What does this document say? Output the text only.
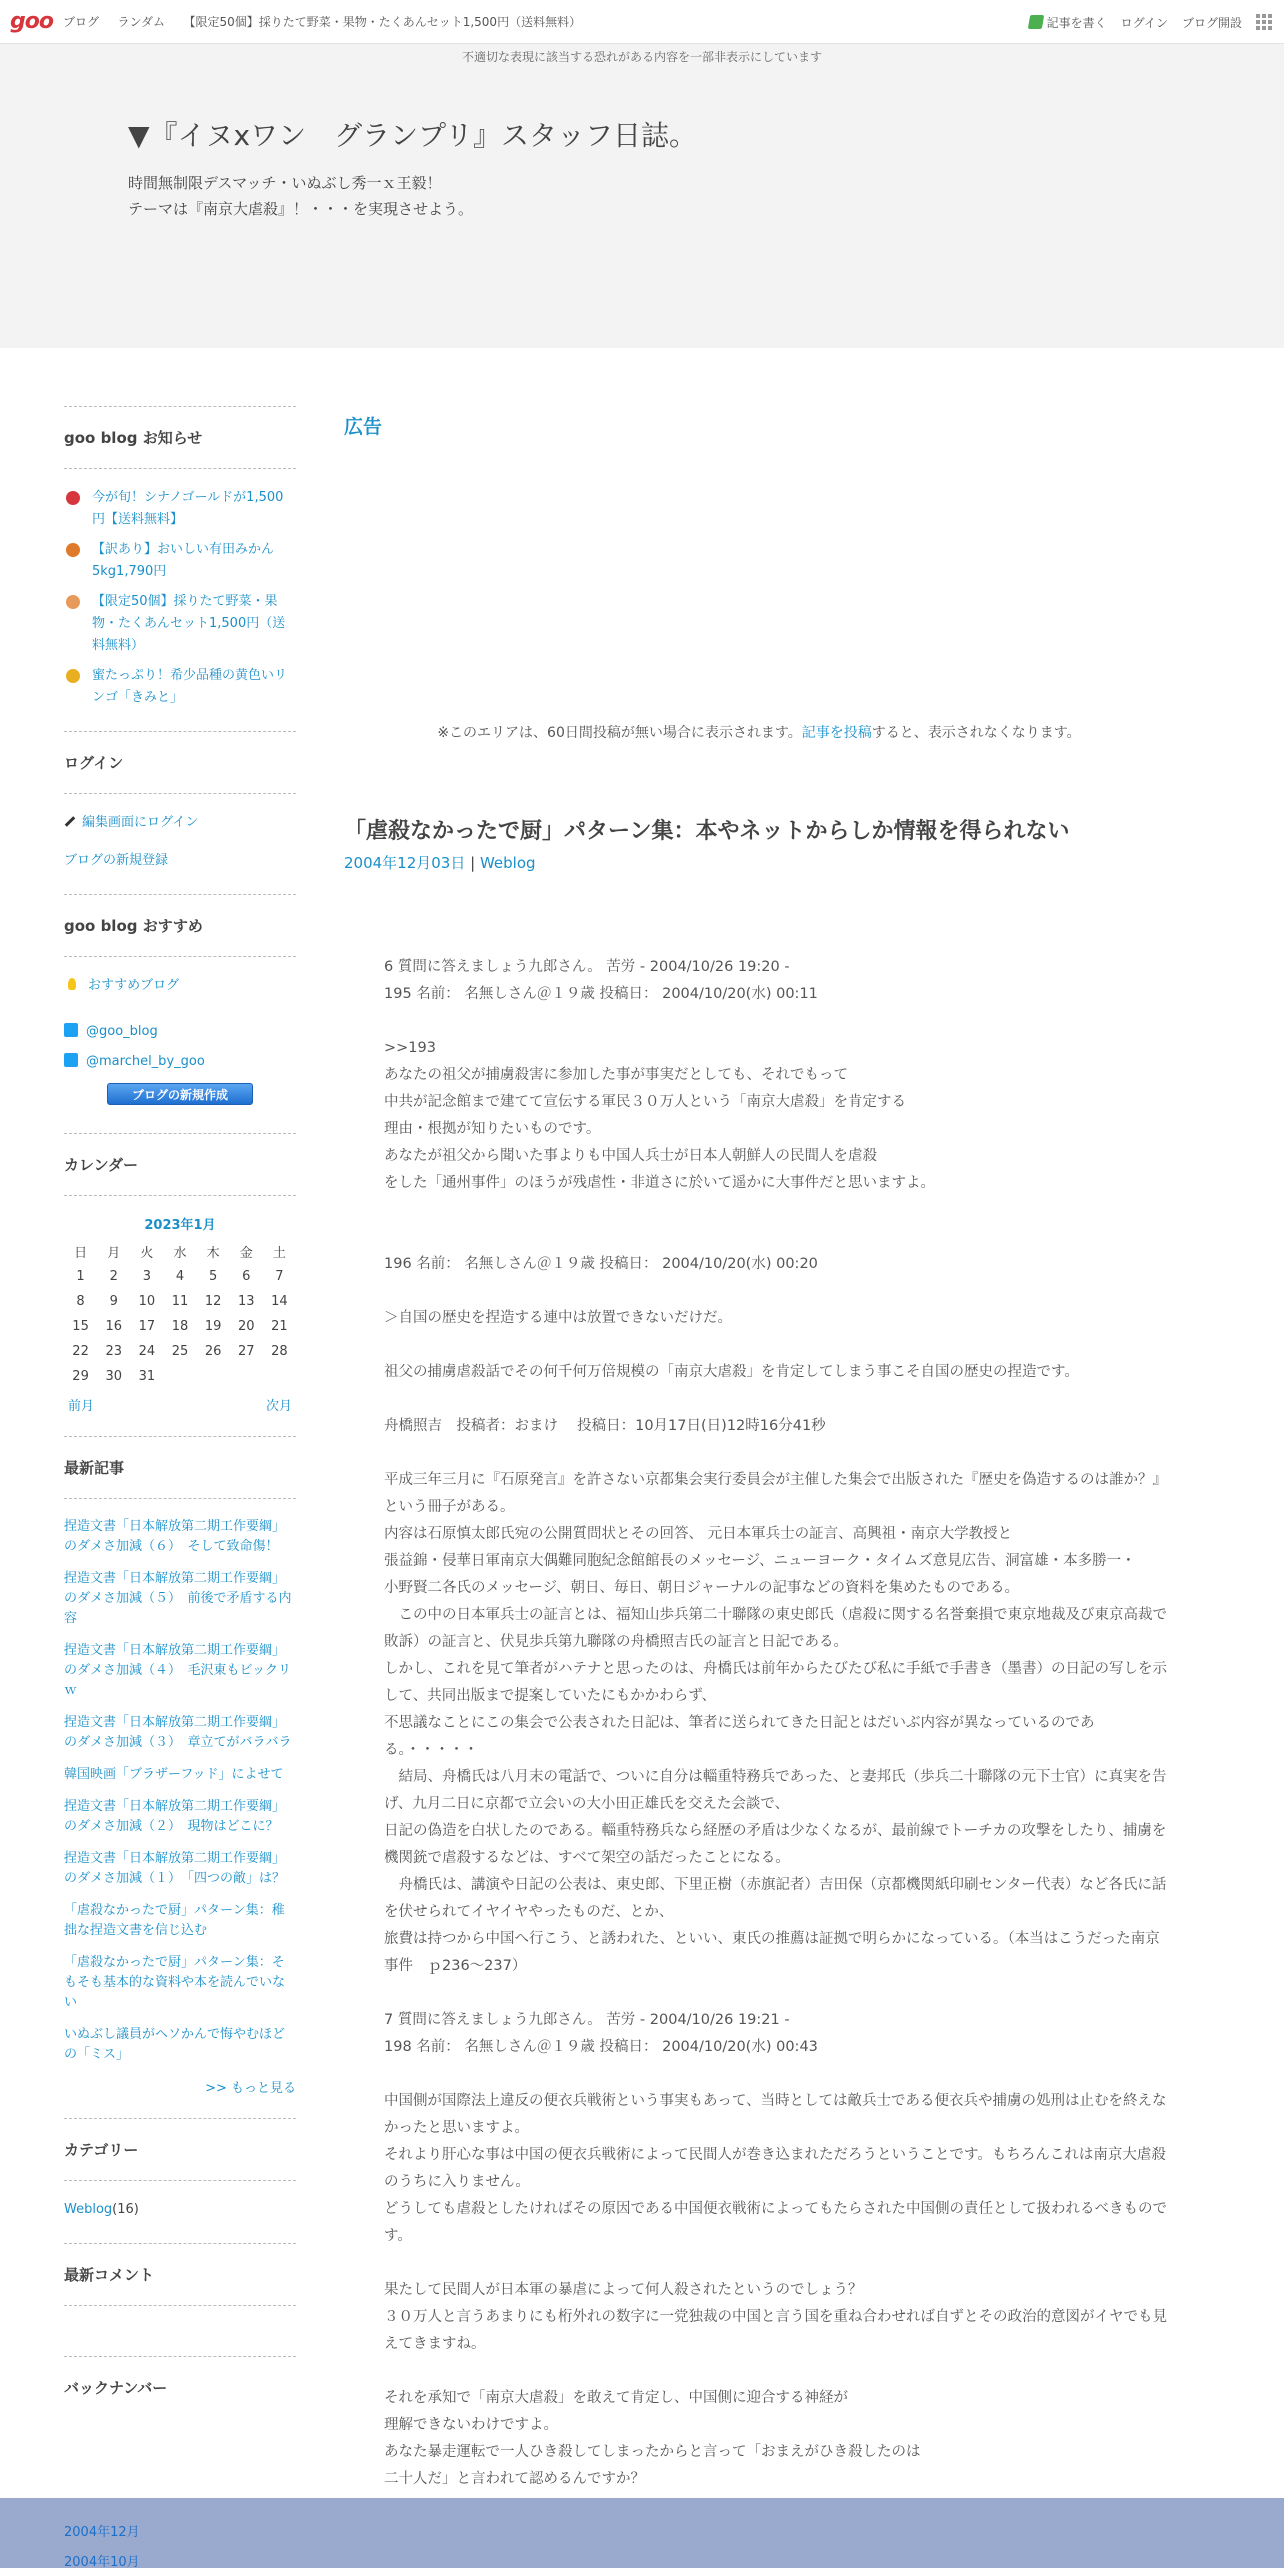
goo ブログ ランダム 【限定50個】採りたて野菜・果物・たくあんセット1,500円（送料無料）	記事を書く ログイン ブログ開設
不適切な表現に該当する恐れがある内容を一部非表示にしています
▼『イヌxワン　グランプリ』スタッフ日誌。
時間無制限デスマッチ・いぬぶし秀一ｘ王毅！
テーマは『南京大虐殺』！・・・を実現させよう。
goo blog お知らせ
今が旬！シナノゴールドが1,500円【送料無料】
【訳あり】おいしい有田みかん5kg1,790円
【限定50個】採りたて野菜・果物・たくあんセット1,500円（送料無料）
蜜たっぷり！希少品種の黄色いリンゴ「きみと」
ログイン
編集画面にログイン
ブログの新規登録
goo blog おすすめ
おすすめブログ
@goo_blog
@marchel_by_goo
ブログの新規作成
カレンダー
2023年1月
日	月	火	水	木	金	土
1	2	3	4	5	6	7
8	9	10	11	12	13	14
15	16	17	18	19	20	21
22	23	24	25	26	27	28
29	30	31				
前月	次月
最新記事
捏造文書「日本解放第二期工作要綱」のダメさ加減（６）　そして致命傷！
捏造文書「日本解放第二期工作要綱」のダメさ加減（５）　前後で矛盾する内容
捏造文書「日本解放第二期工作要綱」のダメさ加減（４）　毛沢東もビックリｗ
捏造文書「日本解放第二期工作要綱」のダメさ加減（３）　章立てがバラバラ
韓国映画「ブラザーフッド」によせて
捏造文書「日本解放第二期工作要綱」のダメさ加減（２）　現物はどこに？
捏造文書「日本解放第二期工作要綱」のダメさ加減（１）　「四つの敵」は？
「虐殺なかったで厨」パターン集：稚拙な捏造文書を信じ込む
「虐殺なかったで厨」パターン集：そもそも基本的な資料や本を読んでいない
いぬぶし議員がヘソかんで悔やむほどの「ミス」
>> もっと見る
カテゴリー
Weblog(16)
最新コメント
バックナンバー
広告
※このエリアは、60日間投稿が無い場合に表示されます。記事を投稿すると、表示されなくなります。
「虐殺なかったで厨」パターン集：本やネットからしか情報を得られない
2004年12月03日 | Weblog

6 質問に答えましょう九郎さん。 苦労 - 2004/10/26 19:20 -
195 名前： 名無しさん＠１９歳 投稿日： 2004/10/20(水) 00:11

>>193
あなたの祖父が捕虜殺害に参加した事が事実だとしても、それでもって
中共が記念館まで建てて宣伝する軍民３０万人という「南京大虐殺」を肯定する
理由・根拠が知りたいものです。
あなたが祖父から聞いた事よりも中国人兵士が日本人朝鮮人の民間人を虐殺
をした「通州事件」のほうが残虐性・非道さに於いて遥かに大事件だと思いますよ。

196 名前： 名無しさん＠１９歳 投稿日： 2004/10/20(水) 00:20

＞自国の歴史を捏造する連中は放置できないだけだ。

祖父の捕虜虐殺話でその何千何万倍規模の「南京大虐殺」を肯定してしまう事こそ自国の歴史の捏造です。

舟橋照吉　投稿者：おまけ　 投稿日：10月17日(日)12時16分41秒

平成三年三月に『石原発言』を許さない京都集会実行委員会が主催した集会で出版された『歴史を偽造するのは誰か？』という冊子がある。
内容は石原慎太郎氏宛の公開質問状とその回答、 元日本軍兵士の証言、高興祖・南京大学教授と
張益錦・侵華日軍南京大偶難同胞紀念館館長のメッセージ、ニューヨーク・タイムズ意見広告、洞富雄・本多勝一・
小野賢二各氏のメッセージ、朝日、毎日、朝日ジャーナルの記事などの資料を集めたものである。
　この中の日本軍兵士の証言とは、福知山歩兵第二十聯隊の東史郎氏（虐殺に関する名誉棄損で東京地裁及び東京高裁で敗訴）の証言と、伏見歩兵第九聯隊の舟橋照吉氏の証言と日記である。
しかし、これを見て筆者がハテナと思ったのは、舟橋氏は前年からたびたび私に手紙で手書き（墨書）の日記の写しを示して、共同出版まで提案していたにもかかわらず、
不思議なことにこの集会で公表された日記は、筆者に送られてきた日記とはだいぶ内容が異なっているのである。・・・・・
　結局、舟橋氏は八月末の電話で、ついに自分は輜重特務兵であった、と妻邦氏（歩兵二十聯隊の元下士官）に真実を告げ、九月二日に京都で立会いの大小田正雄氏を交えた会談で、
日記の偽造を白状したのである。輜重特務兵なら経歴の矛盾は少なくなるが、最前線でトーチカの攻撃をしたり、捕虜を機関銃で虐殺するなどは、すべて架空の話だったことになる。
　舟橋氏は、講演や日記の公表は、東史郎、下里正樹（赤旗記者）吉田保（京都機関紙印刷センター代表）など各氏に話を伏せられてイヤイヤやったものだ、とか、
旅費は持つから中国へ行こう、と誘われた、といい、東氏の推薦は証拠で明らかになっている。（本当はこうだった南京事件　ｐ236～237）

7 質問に答えましょう九郎さん。 苦労 - 2004/10/26 19:21 -
198 名前： 名無しさん＠１９歳 投稿日： 2004/10/20(水) 00:43

中国側が国際法上違反の便衣兵戦術という事実もあって、当時としては敵兵士である便衣兵や捕虜の処刑は止むを終えなかったと思いますよ。
それより肝心な事は中国の便衣兵戦術によって民間人が巻き込まれただろうということです。もちろんこれは南京大虐殺のうちに入りません。
どうしても虐殺としたければその原因である中国便衣戦術によってもたらされた中国側の責任として扱われるべきものです。

果たして民間人が日本軍の暴虐によって何人殺されたというのでしょう？
３０万人と言うあまりにも桁外れの数字に一党独裁の中国と言う国を重ね合わせれば自ずとその政治的意図がイヤでも見えてきますね。

それを承知で「南京大虐殺」を敢えて肯定し、中国側に迎合する神経が
理解できないわけですよ。
あなた暴走運転で一人ひき殺してしまったからと言って「おまえがひき殺したのは
二十人だ」と言われて認めるんですか？

2004年12月
2004年10月
